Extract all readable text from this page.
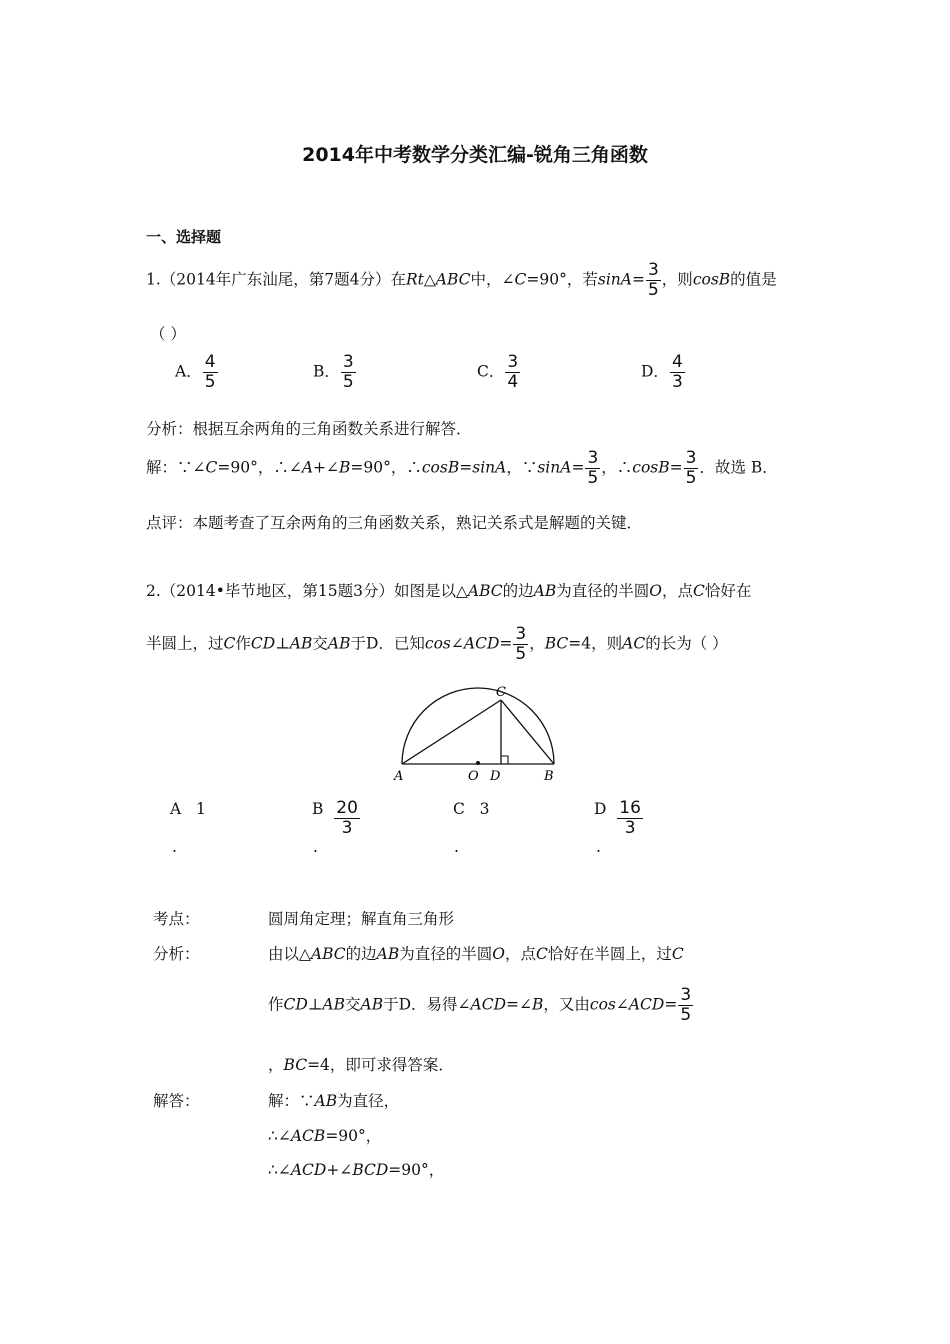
2014年中考数学分类汇编-锐角三角函数
一、选择题
1.（2014年广东汕尾，第7题4分）在Rt△ABC中，∠C=90°，若$\sin A= \frac{3}{5}$ ，则cosB的值是
（ ）
A． $\frac{4}{5}$	B． $\frac{3}{5}$	C． $\frac{3}{4}$	D． $\frac{4}{3}$
分析：根据互余两角的三角函数关系进行解答．
解：∵∠C=90°，∴∠A+∠B=90°，∴cosB=sinA，∵sinA= $\frac{3}{5}$ ，∴cosB= $\frac{3}{5}$ ．故选 B．
点评：本题考查了互余两角的三角函数关系，熟记关系式是解题的关键．
2.（2014•毕节地区，第15题3分）如图是以△ABC的边AB为直径的半圆O，点C恰好在
半圆上，过C作CD⊥AB交AB于D．已知cos∠ACD= $\frac{3}{5}$ ，BC=4，则AC的长为（ ）
A	O D	B
C
A 1
.
B $\frac{20}{3}$
.
C 3
.
D $\frac{16}{3}$
.
考点：	圆周角定理；解直角三角形
分析：	由以△ABC的边AB为直径的半圆O，点C恰好在半圆上，过C
作CD⊥AB交AB于D．易得∠ACD=∠B，又由cos∠ACD= $\frac{3}{5}$
，BC=4，即可求得答案．
解答：	解：∵AB为直径，
∴∠ACB=90°，
∴∠ACD+∠BCD=90°，
